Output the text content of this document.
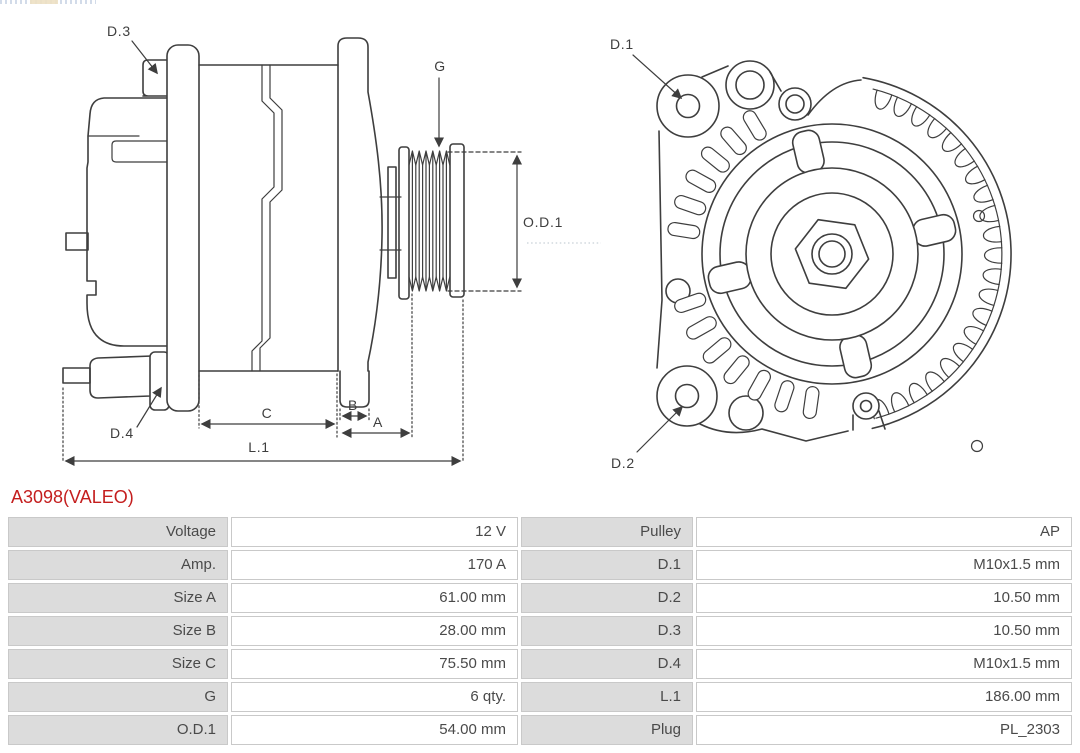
G
D.3
D.4
O.D.1
C	B
A
L.1
D.1
D.2
A3098(VALEO)
Voltage	12 V	Pulley	AP
Amp.	170 A	D.1	M10x1.5 mm
Size A	61.00 mm	D.2	10.50 mm
Size B	28.00 mm	D.3	10.50 mm
Size C	75.50 mm	D.4	M10x1.5 mm
G	6 qty.	L.1	186.00 mm
O.D.1	54.00 mm	Plug	PL_2303
